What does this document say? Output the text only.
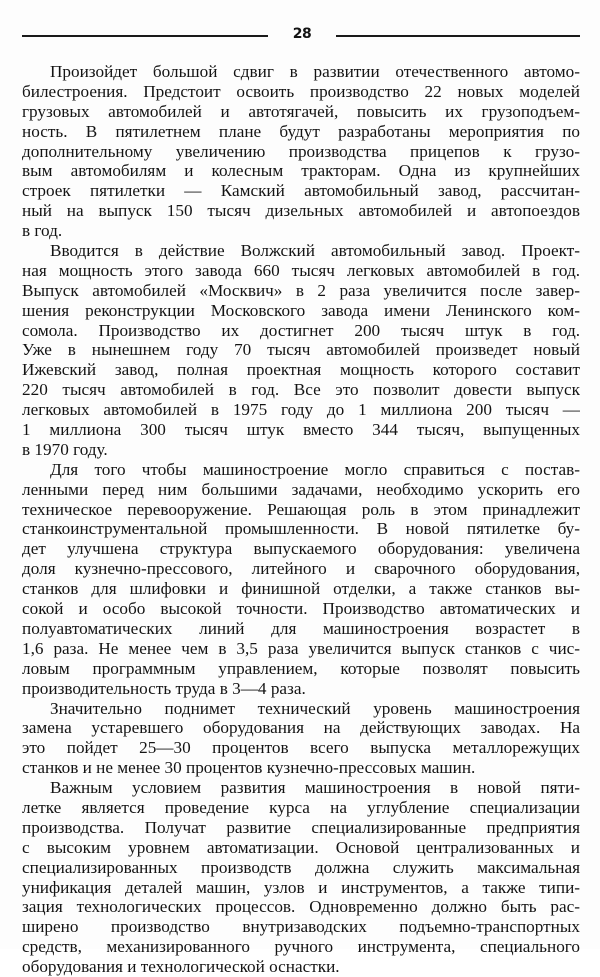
28
Произойдет большой сдвиг в развитии отечественного автомо-
билестроения. Предстоит освоить производство 22 новых моделей
грузовых автомобилей и автотягачей, повысить их грузоподъем-
ность. В пятилетнем плане будут разработаны мероприятия по
дополнительному увеличению производства прицепов к грузо-
вым автомобилям и колесным тракторам. Одна из крупнейших
строек пятилетки — Камский автомобильный завод, рассчитан-
ный на выпуск 150 тысяч дизельных автомобилей и автопоездов
в год.
Вводится в действие Волжский автомобильный завод. Проект-
ная мощность этого завода 660 тысяч легковых автомобилей в год.
Выпуск автомобилей «Москвич» в 2 раза увеличится после завер-
шения реконструкции Московского завода имени Ленинского ком-
сомола. Производство их достигнет 200 тысяч штук в год.
Уже в нынешнем году 70 тысяч автомобилей произведет новый
Ижевский завод, полная проектная мощность которого составит
220 тысяч автомобилей в год. Все это позволит довести выпуск
легковых автомобилей в 1975 году до 1 миллиона 200 тысяч —
1 миллиона 300 тысяч штук вместо 344 тысяч, выпущенных
в 1970 году.
Для того чтобы машиностроение могло справиться с постав-
ленными перед ним большими задачами, необходимо ускорить его
техническое перевооружение. Решающая роль в этом принадлежит
станкоинструментальной промышленности. В новой пятилетке бу-
дет улучшена структура выпускаемого оборудования: увеличена
доля кузнечно-прессового, литейного и сварочного оборудования,
станков для шлифовки и финишной отделки, а также станков вы-
сокой и особо высокой точности. Производство автоматических и
полуавтоматических линий для машиностроения возрастет в
1,6 раза. Не менее чем в 3,5 раза увеличится выпуск станков с чис-
ловым программным управлением, которые позволят повысить
производительность труда в 3—4 раза.
Значительно поднимет технический уровень машиностроения
замена устаревшего оборудования на действующих заводах. На
это пойдет 25—30 процентов всего выпуска металлорежущих
станков и не менее 30 процентов кузнечно-прессовых машин.
Важным условием развития машиностроения в новой пяти-
летке является проведение курса на углубление специализации
производства. Получат развитие специализированные предприятия
с высоким уровнем автоматизации. Основой централизованных и
специализированных производств должна служить максимальная
унификация деталей машин, узлов и инструментов, а также типи-
зация технологических процессов. Одновременно должно быть рас-
ширено производство внутризаводских подъемно-транспортных
средств, механизированного ручного инструмента, специального
оборудования и технологической оснастки.
